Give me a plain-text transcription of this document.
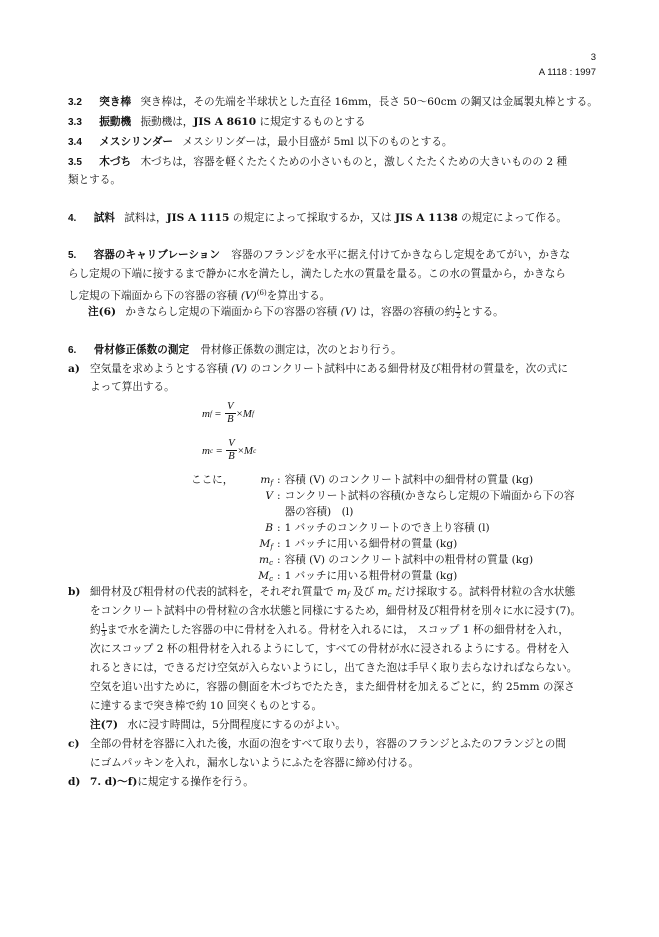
3
A 1118 : 1997
3.2 突き棒 突き棒は，その先端を半球状とした直径 16mm，長さ 50～60cm の鋼又は金属製丸棒とする。
3.3 振動機 振動機は，JIS A 8610 に規定するものとする
3.4 メスシリンダー メスシリンダーは，最小目盛が 5ml 以下のものとする。
3.5 木づち 木づちは，容器を軽くたたくための小さいものと，激しくたたくための大きいものの 2 種
類とする。
4. 試料 試料は，JIS A 1115 の規定によって採取するか，又は JIS A 1138 の規定によって作る。
5. 容器のキャリブレーション 容器のフランジを水平に据え付けてかきならし定規をあてがい，かきな
らし定規の下端に接するまで静かに水を満たし，満たした水の質量を量る。この水の質量から，かきなら
し定規の下端面から下の容器の容積 $(V)^{(6)}$を算出する。
注(6) かきならし定規の下端面から下の容器の容積 (V) は，容器の容積の約 $\frac{1}{2}$ とする。
6. 骨材修正係数の測定 骨材修正係数の測定は，次のとおり行う。
a) 空気量を求めようとする容積 (V) のコンクリート試料中にある細骨材及び粗骨材の質量を，次の式に
よって算出する。
m $f = \frac{V}{B} \times M$ f
m $c = \frac{V}{B} \times M$ c
ここに，	$m_f$ : 容積 (V) のコンクリート試料中の細骨材の質量 (kg)
V : コンクリート試料の容積(かきならし定規の下端面から下の容
器の容積)　(l)
B : 1 バッチのコンクリートのでき上り容積 (l)
$M_f$ : 1 バッチに用いる細骨材の質量 (kg)
$m_c$ : 容積 (V) のコンクリート試料中の粗骨材の質量 (kg)
$M_c$ : 1 バッチに用いる粗骨材の質量 (kg)
b) 細骨材及び粗骨材の代表的試料を，それぞれ質量で $m_f$ 及び $m_c$ だけ採取する。試料骨材粒の含水状態
をコンクリート試料中の骨材粒の含水状態と同様にするため，細骨材及び粗骨材を別々に水に浸す(7)。
約 $\frac{1}{3}$ まで水を満たした容器の中に骨材を入れる。骨材を入れるには， スコップ 1 杯の細骨材を入れ，
次にスコップ 2 杯の粗骨材を入れるようにして，すべての骨材が水に浸されるようにする。骨材を入
れるときには，できるだけ空気が入らないようにし，出てきた泡は手早く取り去らなければならない。
空気を追い出すために，容器の側面を木づちでたたき，また細骨材を加えるごとに，約 25mm の深さ
に達するまで突き棒で約 10 回突くものとする。
注(7) 水に浸す時間は，5分間程度にするのがよい。
c) 全部の骨材を容器に入れた後，水面の泡をすべて取り去り，容器のフランジとふたのフランジとの間
にゴムパッキンを入れ，漏水しないようにふたを容器に締め付ける。
d) 7. d)～f)に規定する操作を行う。
